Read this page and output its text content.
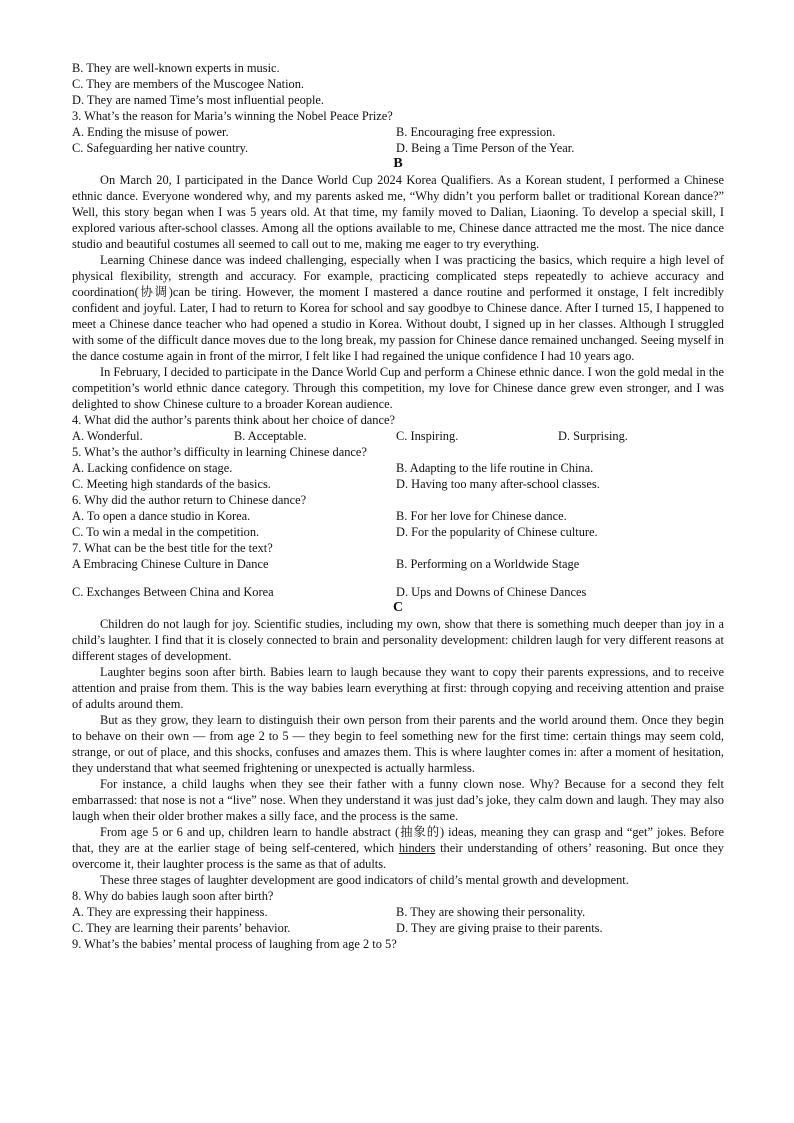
B. They are well-known experts in music.

C. They are members of the Muscogee Nation.

D. They are named Time’s most influential people.

3. What’s the reason for Maria’s winning the Nobel Peace Prize?

A. Ending the misuse of power.	B. Encouraging free expression.

C. Safeguarding her native country.	D. Being a Time Person of the Year.

B

On March 20, I participated in the Dance World Cup 2024 Korea Qualifiers. As a Korean student, I performed a Chinese ethnic dance. Everyone wondered why, and my parents asked me, “Why didn’t you perform ballet or traditional Korean dance?” Well, this story began when I was 5 years old. At that time, my family moved to Dalian, Liaoning. To develop a special skill, I explored various after-school classes. Among all the options available to me, Chinese dance attracted me the most. The nice dance studio and beautiful costumes all seemed to call out to me, making me eager to try everything.

Learning Chinese dance was indeed challenging, especially when I was practicing the basics, which require a high level of physical flexibility, strength and accuracy. For example, practicing complicated steps repeatedly to achieve accuracy and coordination(协调)can be tiring. However, the moment I mastered a dance routine and performed it onstage, I felt incredibly confident and joyful. Later, I had to return to Korea for school and say goodbye to Chinese dance. After I turned 15, I happened to meet a Chinese dance teacher who had opened a studio in Korea. Without doubt, I signed up in her classes. Although I struggled with some of the difficult dance moves due to the long break, my passion for Chinese dance remained unchanged. Seeing myself in the dance costume again in front of the mirror, I felt like I had regained the unique confidence I had 10 years ago.

In February, I decided to participate in the Dance World Cup and perform a Chinese ethnic dance. I won the gold medal in the competition’s world ethnic dance category. Through this competition, my love for Chinese dance grew even stronger, and I was delighted to show Chinese culture to a broader Korean audience.

4. What did the author’s parents think about her choice of dance?

A. Wonderful.	B. Acceptable.	C. Inspiring.	D. Surprising.

5. What’s the author’s difficulty in learning Chinese dance?

A. Lacking confidence on stage.	B. Adapting to the life routine in China.

C. Meeting high standards of the basics.	D. Having too many after-school classes.

6. Why did the author return to Chinese dance?

A. To open a dance studio in Korea.	B. For her love for Chinese dance.

C. To win a medal in the competition.	D. For the popularity of Chinese culture.

7. What can be the best title for the text?

A Embracing Chinese Culture in Dance	B. Performing on a Worldwide Stage

C. Exchanges Between China and Korea	D. Ups and Downs of Chinese Dances

C

Children do not laugh for joy. Scientific studies, including my own, show that there is something much deeper than joy in a child’s laughter. I find that it is closely connected to brain and personality development: children laugh for very different reasons at different stages of development.

Laughter begins soon after birth. Babies learn to laugh because they want to copy their parents expressions, and to receive attention and praise from them. This is the way babies learn everything at first: through copying and receiving attention and praise of adults around them.

But as they grow, they learn to distinguish their own person from their parents and the world around them. Once they begin to behave on their own — from age 2 to 5 — they begin to feel something new for the first time: certain things may seem cold, strange, or out of place, and this shocks, confuses and amazes them. This is where laughter comes in: after a moment of hesitation, they understand that what seemed frightening or unexpected is actually harmless.

For instance, a child laughs when they see their father with a funny clown nose. Why? Because for a second they felt embarrassed: that nose is not a “live” nose. When they understand it was just dad’s joke, they calm down and laugh. They may also laugh when their older brother makes a silly face, and the process is the same.

From age 5 or 6 and up, children learn to handle abstract (抽象的) ideas, meaning they can grasp and “get” jokes. Before that, they are at the earlier stage of being self-centered, which hinders their understanding of others’ reasoning. But once they overcome it, their laughter process is the same as that of adults.

These three stages of laughter development are good indicators of child’s mental growth and development.

8. Why do babies laugh soon after birth?

A. They are expressing their happiness.	B. They are showing their personality.

C. They are learning their parents’ behavior.	D. They are giving praise to their parents.

9. What’s the babies’ mental process of laughing from age 2 to 5?
